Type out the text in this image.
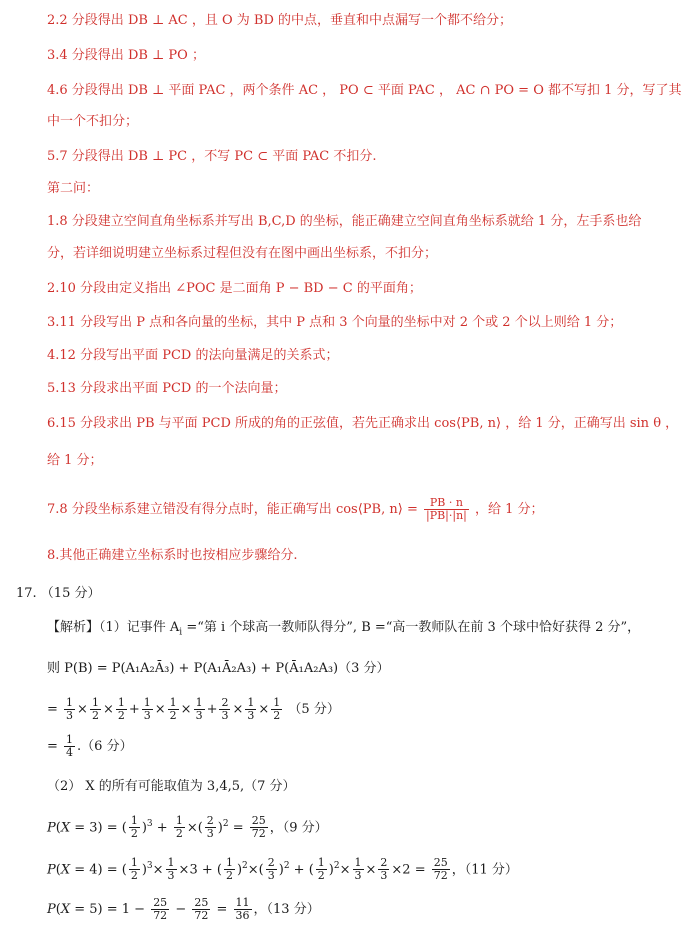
2.2 分段得出 DB ⊥ AC ，且 O 为 BD 的中点，垂直和中点漏写一个都不给分；
3.4 分段得出 DB ⊥ PO ；
4.6 分段得出 DB ⊥ 平面 PAC ，两个条件 AC ， PO ⊂ 平面 PAC ， AC ∩ PO = O 都不写扣 1 分，写了其
中一个不扣分；
5.7 分段得出 DB ⊥ PC ，不写 PC ⊂ 平面 PAC 不扣分.
第二问：
1.8 分段建立空间直角坐标系并写出 B,C,D 的坐标，能正确建立空间直角坐标系就给 1 分，左手系也给
分，若详细说明建立坐标系过程但没有在图中画出坐标系，不扣分；
2.10 分段由定义指出 ∠POC 是二面角 P − BD − C 的平面角；
3.11 分段写出 P 点和各向量的坐标，其中 P 点和 3 个向量的坐标中对 2 个或 2 个以上则给 1 分；
4.12 分段写出平面 PCD 的法向量满足的关系式；
5.13 分段求出平面 PCD 的一个法向量；
6.15 分段求出 PB 与平面 PCD 所成的角的正弦值，若先正确求出 cos⟨PB, n⟩ ，给 1 分，正确写出 sin θ ，
给 1 分；
7.8 分段坐标系建立错没有得分点时，能正确写出 cos⟨PB, n⟩ = $\frac{PB \cdot n}{|PB|\cdot|n|}$ ，给 1 分；
8.其他正确建立坐标系时也按相应步骤给分.
17. （15 分）
【解析】（1）记事件 $A_i$ =“第 i 个球高一教师队得分”, B =“高一教师队在前 3 个球中恰好获得 2 分”，
则 P(B) = P(A₁A₂Ā₃) + P(A₁Ā₂A₃) + P(Ā₁A₂A₃)（3 分）
= $\frac{1}{3} \times \frac{1}{2} \times \frac{1}{2} + \frac{1}{3} \times \frac{1}{2} \times \frac{1}{3} + \frac{2}{3} \times \frac{1}{3} \times \frac{1}{2} (5$ 分）
= $\frac{1}{4} .(6$ 分）
（2） X 的所有可能取值为 3,4,5,（7 分）
P(X = 3) = ( $\frac{1}{2} )^3 + \frac{1}{2}$ ×( $\frac{2}{3} )^2 = \frac{25}{72}$ ，（9 分）
P(X = 4) = ( $\frac{1}{2} )^3\times \frac{1}{3} \times 3$ + ( $\frac{1}{2} )^2\times( \frac{2}{3} )^2$ + ( $\frac{1}{2} )^2\times \frac{1}{3} \times \frac{2}{3} \times 2 = \frac{25}{72}$ ，（11 分）
$P(X = 5) = 1 - \frac{25}{72} - \frac{25}{72} = \frac{11}{36}$ ，（13 分）
